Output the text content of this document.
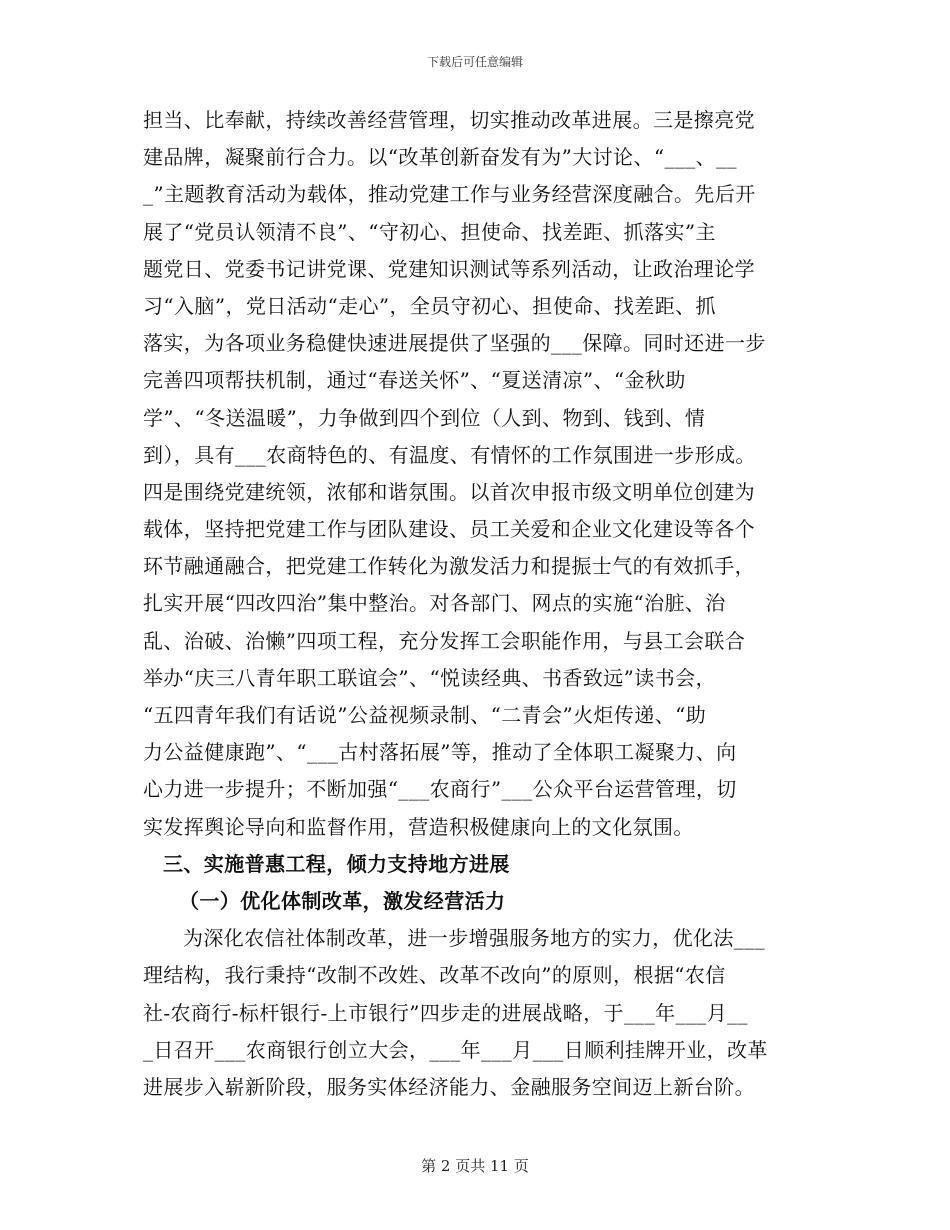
下载后可任意编辑
担当、比奉献，持续改善经营管理，切实推动改革进展。三是擦亮党
建品牌，凝聚前行合力。以“改革创新奋发有为”大讨论、“___、__
_”主题教育活动为载体，推动党建工作与业务经营深度融合。先后开
展了“党员认领清不良”、“守初心、担使命、找差距、抓落实”主
题党日、党委书记讲党课、党建知识测试等系列活动，让政治理论学
习“入脑”，党日活动“走心”，全员守初心、担使命、找差距、抓
落实，为各项业务稳健快速进展提供了坚强的___保障。同时还进一步
完善四项帮扶机制，通过“春送关怀”、“夏送清凉”、“金秋助
学”、“冬送温暖”，力争做到四个到位（人到、物到、钱到、情
到），具有___农商特色的、有温度、有情怀的工作氛围进一步形成。
四是围绕党建统领，浓郁和谐氛围。以首次申报市级文明单位创建为
载体，坚持把党建工作与团队建设、员工关爱和企业文化建设等各个
环节融通融合，把党建工作转化为激发活力和提振士气的有效抓手，
扎实开展“四改四治”集中整治。对各部门、网点的实施“治脏、治
乱、治破、治懒”四项工程，充分发挥工会职能作用，与县工会联合
举办“庆三八青年职工联谊会”、“悦读经典、书香致远”读书会，
“五四青年我们有话说”公益视频录制、“二青会”火炬传递、“助
力公益健康跑”、“___古村落拓展”等，推动了全体职工凝聚力、向
心力进一步提升；不断加强“___农商行”___公众平台运营管理，切
实发挥舆论导向和监督作用，营造积极健康向上的文化氛围。
三、实施普惠工程，倾力支持地方进展
（一）优化体制改革，激发经营活力
为深化农信社体制改革，进一步增强服务地方的实力，优化法___
理结构，我行秉持“改制不改姓、改革不改向”的原则，根据“农信
社-农商行-标杆银行-上市银行”四步走的进展战略，于___年___月__
_日召开___农商银行创立大会，___年___月___日顺利挂牌开业，改革
进展步入崭新阶段，服务实体经济能力、金融服务空间迈上新台阶。
第 2 页共 11 页
